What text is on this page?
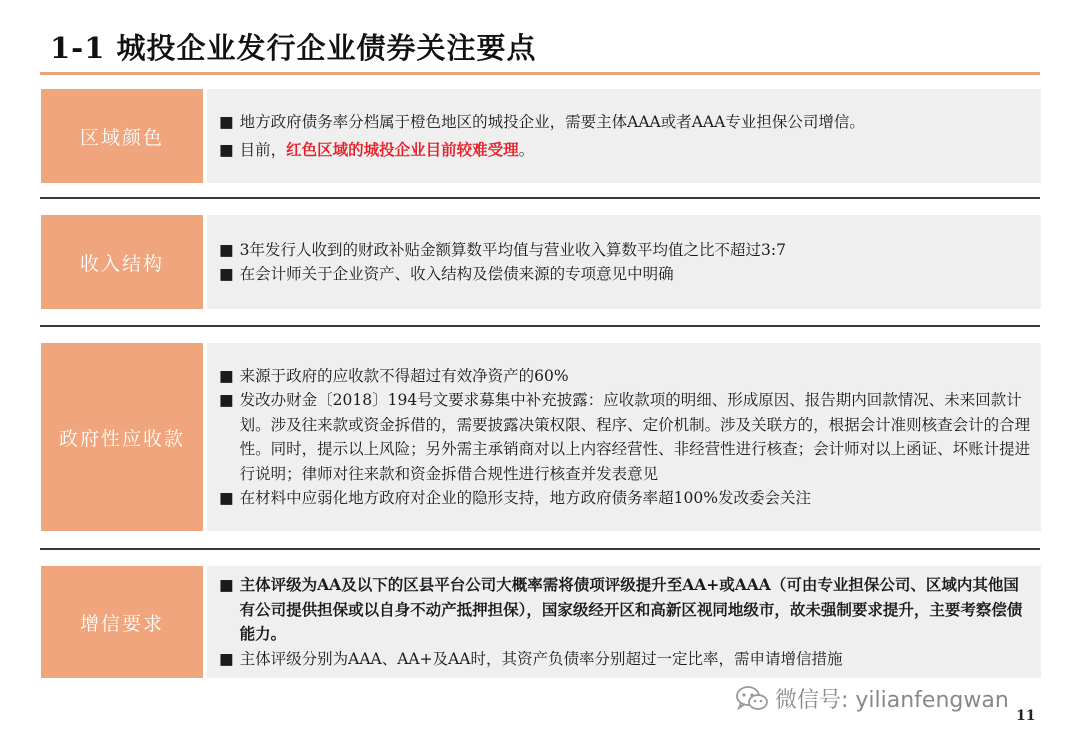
1-1 城投企业发行企业债券关注要点
区域颜色
■ 地方政府债务率分档属于橙色地区的城投企业，需要主体AAA或者AAA专业担保公司增信。
■ 目前，红色区域的城投企业目前较难受理。
收入结构
■ 3年发行人收到的财政补贴金额算数平均值与营业收入算数平均值之比不超过3:7
■ 在会计师关于企业资产、收入结构及偿债来源的专项意见中明确
政府性应收款
■ 来源于政府的应收款不得超过有效净资产的60%
■ 发改办财金〔2018〕194号文要求募集中补充披露：应收款项的明细、形成原因、报告期内回款情况、未来回款计划。涉及往来款或资金拆借的，需要披露决策权限、程序、定价机制。涉及关联方的，根据会计准则核查会计的合理性。同时，提示以上风险；另外需主承销商对以上内容经营性、非经营性进行核查；会计师对以上函证、坏账计提进行说明；律师对往来款和资金拆借合规性进行核查并发表意见
■ 在材料中应弱化地方政府对企业的隐形支持，地方政府债务率超100%发改委会关注
增信要求
■ 主体评级为AA及以下的区县平台公司大概率需将债项评级提升至AA+或AAA（可由专业担保公司、区域内其他国有公司提供担保或以自身不动产抵押担保），国家级经开区和高新区视同地级市，故未强制要求提升，主要考察偿债能力。
■ 主体评级分别为AAA、AA+及AA时，其资产负债率分别超过一定比率，需申请增信措施
微信号: yilianfengwan
11
